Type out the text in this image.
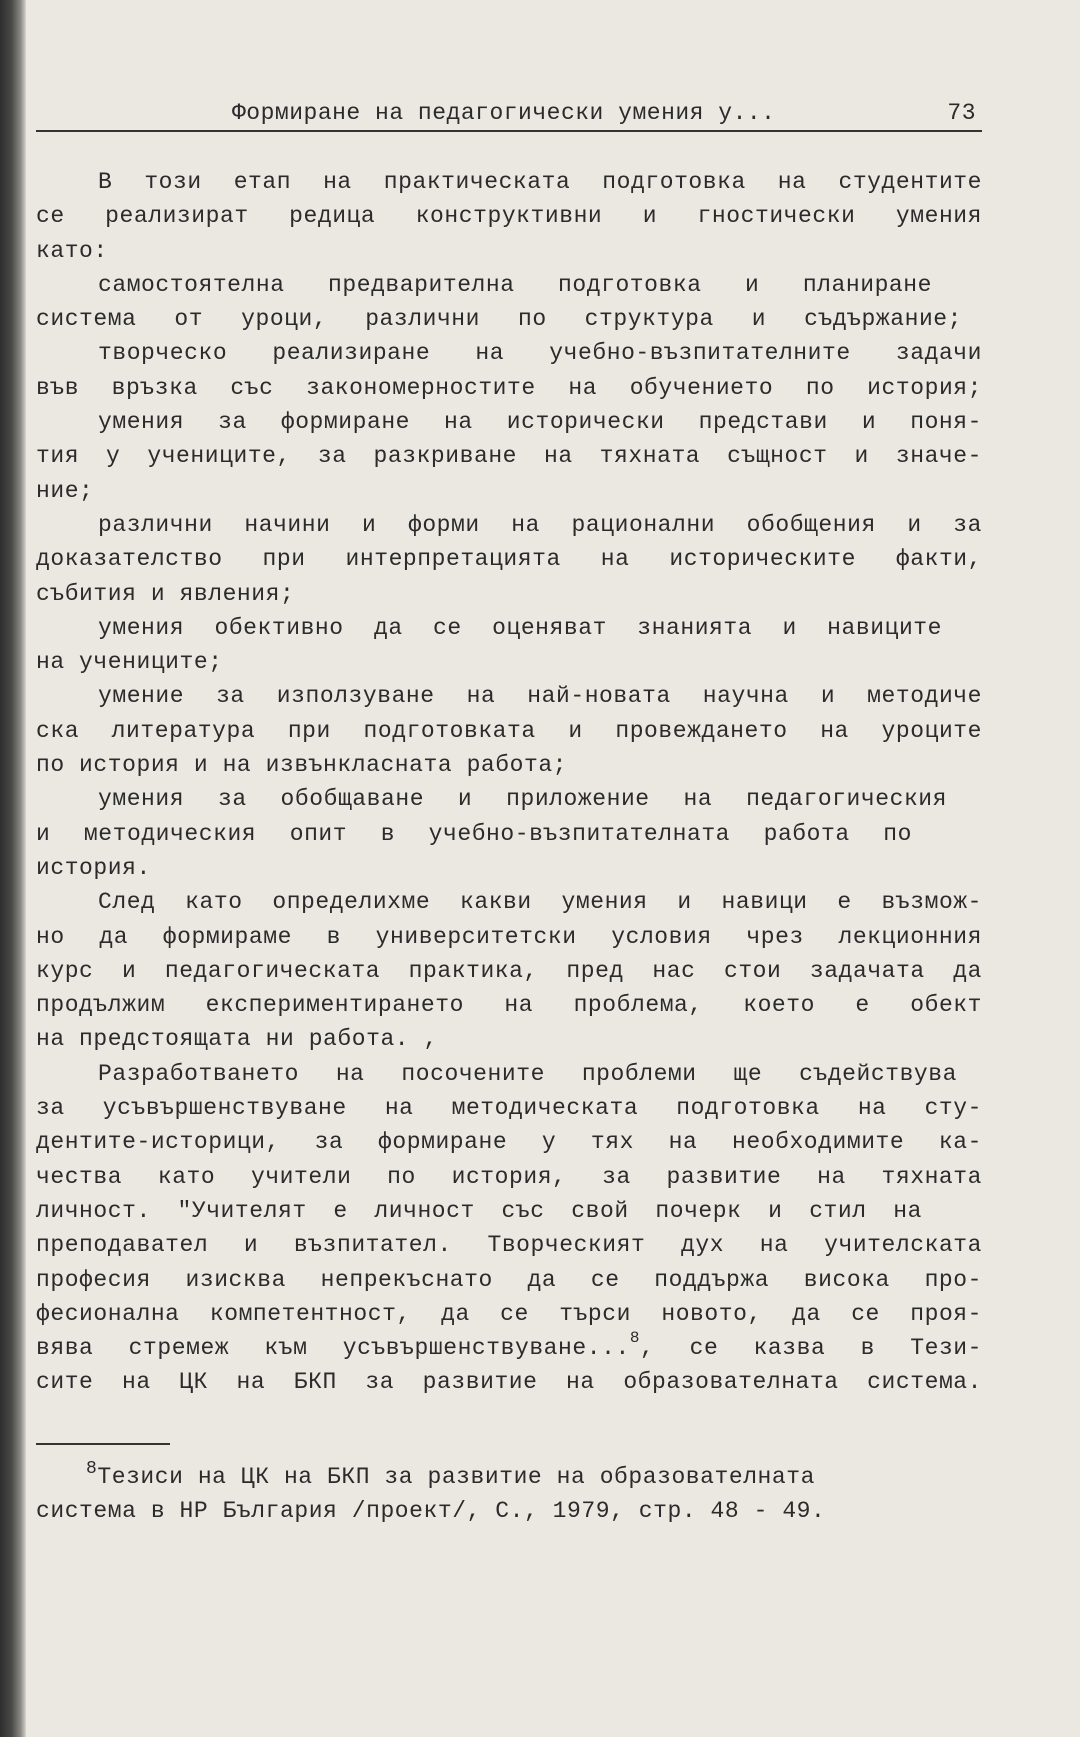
Формиране на педагогически умения у...	73
В този етап на практическата подготовка на студентите
се реализират редица конструктивни и гностически умения
като:
самостоятелна предварителна подготовка и планиране
система от уроци, различни по структура и съдържание;
творческо реализиране на учебно-възпитателните задачи
във връзка със закономерностите на обучението по история;
умения за формиране на исторически представи и поня-
тия у учениците, за разкриване на тяхната същност и значе-
ние;
различни начини и форми на рационални обобщения и за
доказателство при интерпретацията на историческите факти,
събития и явления;
умения обективно да се оценяват знанията и навиците
на учениците;
умение за използуване на най-новата научна и методиче
ска литература при подготовката и провеждането на уроците
по история и на извънкласната работа;
умения за обобщаване и приложение на педагогическия
и методическия опит в учебно-възпитателната работа по
история.
След като определихме какви умения и навици е възмож-
но да формираме в университетски условия чрез лекционния
курс и педагогическата практика, пред нас стои задачата да
продължим експериментирането на проблема, което е обект
на предстоящата ни работа. ,
Разработването на посочените проблеми ще съдействува
за усъвършенствуване на методическата подготовка на сту-
дентите-историци, за формиране у тях на необходимите ка-
чества като учители по история, за развитие на тяхната
личност. "Учителят е личност със свой почерк и стил на
преподавател и възпитател. Творческият дух на учителската
професия изисква непрекъснато да се поддържа висока про-
фесионална компетентност, да се търси новото, да се проя-
вява стремеж към усъвършенствуване...$^8$, се казва в Тези-
сите на ЦК на БКП за развитие на образователната система.
$^8$Тезиси на ЦК на БКП за развитие на образователната
система в НР България /проект/, С., 1979, стр. 48 - 49.
